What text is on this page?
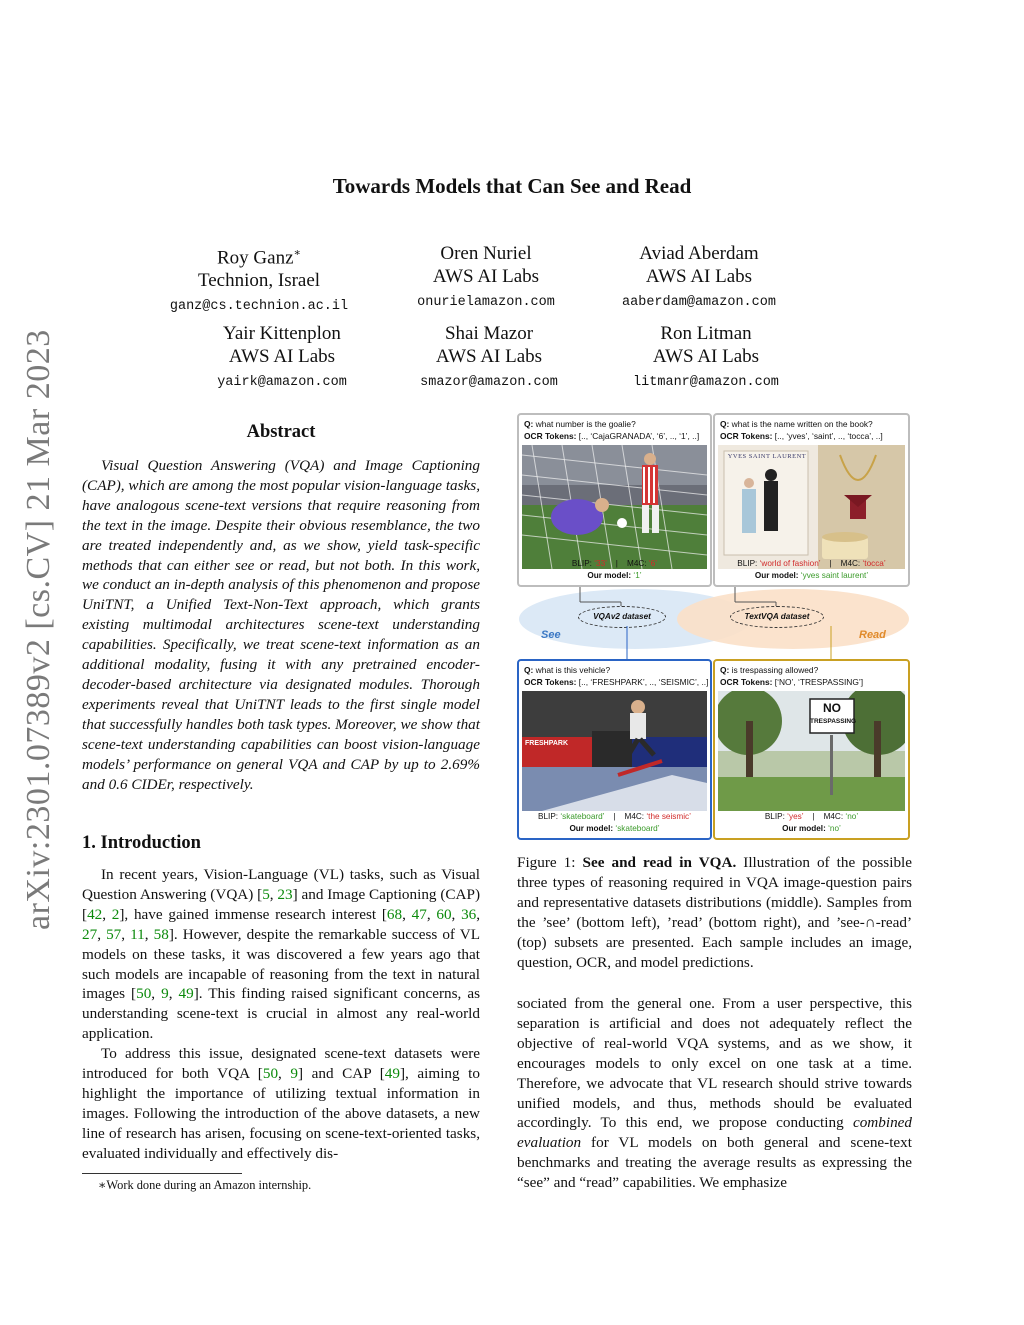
arXiv:2301.07389v2 [cs.CV] 21 Mar 2023
Towards Models that Can See and Read
Roy Ganz∗
Technion, Israel
ganz@cs.technion.ac.il
Oren Nuriel
AWS AI Labs
onurielamazon.com
Aviad Aberdam
AWS AI Labs
aaberdam@amazon.com
Yair Kittenplon
AWS AI Labs
yairk@amazon.com
Shai Mazor
AWS AI Labs
smazor@amazon.com
Ron Litman
AWS AI Labs
litmanr@amazon.com
Abstract

Visual Question Answering (VQA) and Image Captioning (CAP), which are among the most popular vision-language tasks, have analogous scene-text versions that require reasoning from the text in the image. Despite their obvious resemblance, the two are treated independently and, as we show, yield task-specific methods that can either see or read, but not both. In this work, we conduct an in-depth analysis of this phenomenon and propose UniTNT, a Unified Text-Non-Text approach, which grants existing multimodal architectures scene-text understanding capabilities. Specifically, we treat scene-text information as an additional modality, fusing it with any pretrained encoder-decoder-based architecture via designated modules. Thorough experiments reveal that UniTNT leads to the first single model that successfully handles both task types. Moreover, we show that scene-text understanding capabilities can boost vision-language models’ performance on general VQA and CAP by up to 2.69% and 0.6 CIDEr, respectively.

1. Introduction

In recent years, Vision-Language (VL) tasks, such as Visual Question Answering (VQA) [5, 23] and Image Captioning (CAP) [42, 2], have gained immense research interest [68, 47, 60, 36, 27, 57, 11, 58]. However, despite the remarkable success of VL models on these tasks, it was discovered a few years ago that such models are incapable of reasoning from the text in natural images [50, 9, 49]. This finding raised significant concerns, as understanding scene-text is crucial in almost any real-world application.

To address this issue, designated scene-text datasets were introduced for both VQA [50, 9] and CAP [49], aiming to highlight the importance of utilizing textual information in images. Following the introduction of the above datasets, a new line of research has arisen, focusing on scene-text-oriented tasks, evaluated individually and effectively dis-

∗Work done during an Amazon internship.
See	Read
VQAv2 dataset	TextVQA dataset
Q: what number is the goalie?
OCR Tokens: [.., ‘CajaGRANADA’, ‘6’, .., ‘1’, ..]
BLIP: ‘33’    |    M4C: ‘6’
Our model: ‘1’
Q: what is the name written on the book?
OCR Tokens: [.., ‘yves’, ‘saint’, .., ‘tocca’, ..]
YVES SAINT LAURENT
BLIP: ‘world of fashion’    |    M4C: ‘tocca’
Our model: ‘yves saint laurent’
Q: what is this vehicle?
OCR Tokens: [.., ‘FRESHPARK’, .., ‘SEISMIC’, ..]
FRESHPARK
BLIP: ‘skateboard’    |    M4C: ‘the seismic’
Our model: ‘skateboard’
Q: is trespassing allowed?
OCR Tokens: [‘NO’, ‘TRESPASSING’]
NO
TRESPASSING
BLIP: ‘yes’    |    M4C: ‘no’
Our model: ‘no’

Figure 1: See and read in VQA. Illustration of the possible three types of reasoning required in VQA image-question pairs and representative datasets distributions (middle). Samples from the ’see’ (bottom left), ’read’ (bottom right), and ’see-∩-read’ (top) subsets are presented. Each sample includes an image, question, OCR, and model predictions.

sociated from the general one. From a user perspective, this separation is artificial and does not adequately reflect the objective of real-world VQA systems, and as we show, it encourages models to only excel on one task at a time. Therefore, we advocate that VL research should strive towards unified models, and thus, methods should be evaluated accordingly. To this end, we propose conducting combined evaluation for VL models on both general and scene-text benchmarks and treating the average results as expressing the “see” and “read” capabilities. We emphasize
